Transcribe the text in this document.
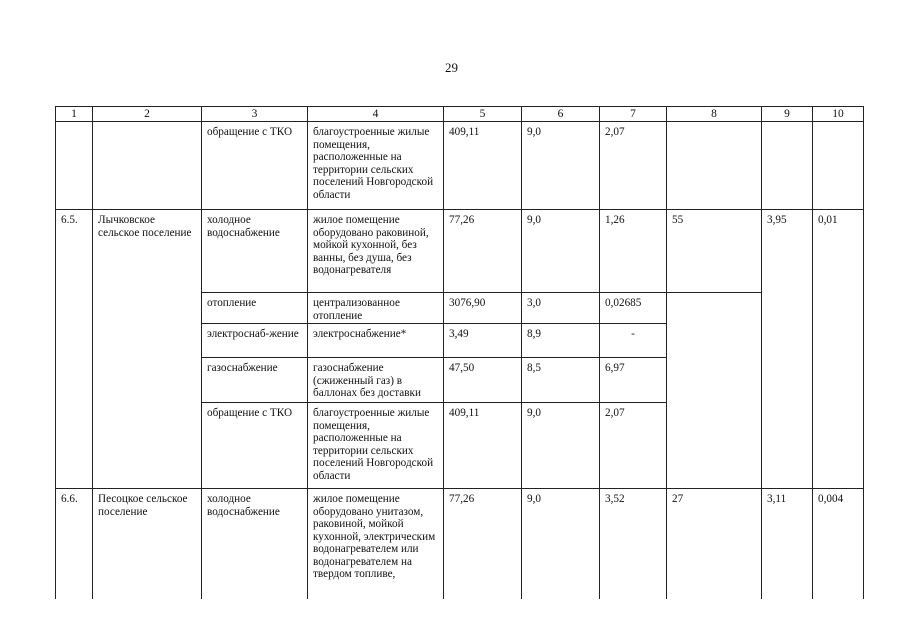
29
1	2	3	4	5	6	7	8	9	10
		обращение с ТКО	благоустроенные жилые помещения, расположенные на территории сельских поселений Новгородской области	409,11	9,0	2,07			
6.5.	Лычковское сельское поселение	холодное водоснабжение	жилое помещение оборудовано раковиной, мойкой кухонной, без ванны, без душа, без водонагревателя	77,26	9,0	1,26	55	3,95	0,01
		отопление	централизованное отопление	3076,90	3,0	0,02685			
		электроснаб-жение	электроснабжение*	3,49	8,9	-			
		газоснабжение	газоснабжение (сжиженный газ) в баллонах без доставки	47,50	8,5	6,97			
		обращение с ТКО	благоустроенные жилые помещения, расположенные на территории сельских поселений Новгородской области	409,11	9,0	2,07			
6.6.	Песоцкое сельское поселение	холодное водоснабжение	жилое помещение оборудовано унитазом, раковиной, мойкой кухонной, электрическим водонагревателем или водонагревателем на твердом топливе,	77,26	9,0	3,52	27	3,11	0,004
